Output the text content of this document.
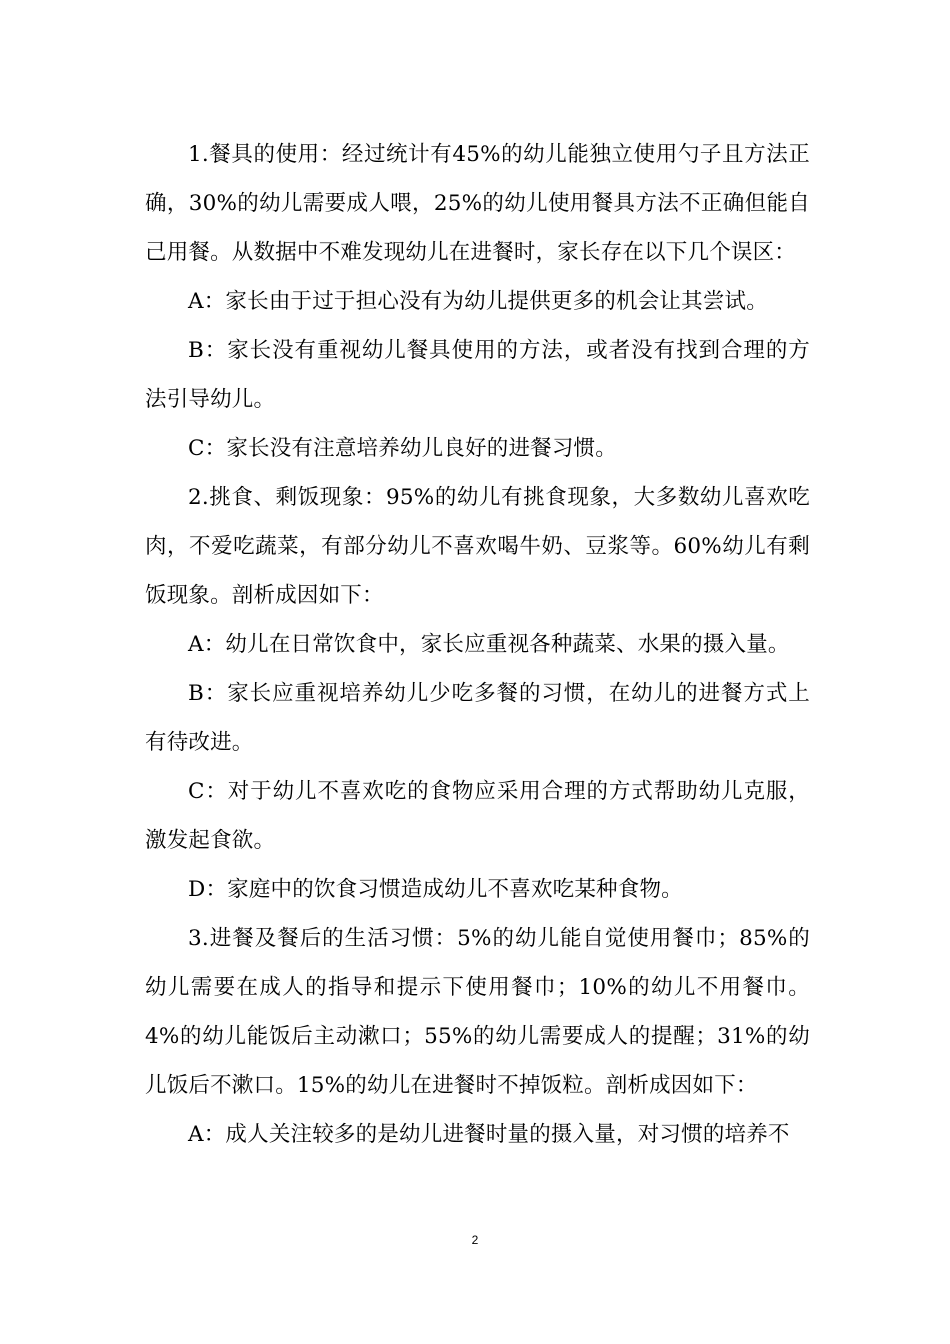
1.餐具的使用：经过统计有45%的幼儿能独立使用勺子且方法正确，30%的幼儿需要成人喂，25%的幼儿使用餐具方法不正确但能自己用餐。从数据中不难发现幼儿在进餐时，家长存在以下几个误区：

A：家长由于过于担心没有为幼儿提供更多的机会让其尝试。

B：家长没有重视幼儿餐具使用的方法，或者没有找到合理的方法引导幼儿。

C：家长没有注意培养幼儿良好的进餐习惯。

2.挑食、剩饭现象：95%的幼儿有挑食现象，大多数幼儿喜欢吃肉，不爱吃蔬菜，有部分幼儿不喜欢喝牛奶、豆浆等。60%幼儿有剩饭现象。剖析成因如下：

A：幼儿在日常饮食中，家长应重视各种蔬菜、水果的摄入量。

B：家长应重视培养幼儿少吃多餐的习惯，在幼儿的进餐方式上有待改进。

C：对于幼儿不喜欢吃的食物应采用合理的方式帮助幼儿克服，激发起食欲。

D：家庭中的饮食习惯造成幼儿不喜欢吃某种食物。

3.进餐及餐后的生活习惯：5%的幼儿能自觉使用餐巾；85%的幼儿需要在成人的指导和提示下使用餐巾；10%的幼儿不用餐巾。4%的幼儿能饭后主动漱口；55%的幼儿需要成人的提醒；31%的幼儿饭后不漱口。15%的幼儿在进餐时不掉饭粒。剖析成因如下：

A：成人关注较多的是幼儿进餐时量的摄入量，对习惯的培养不

2
